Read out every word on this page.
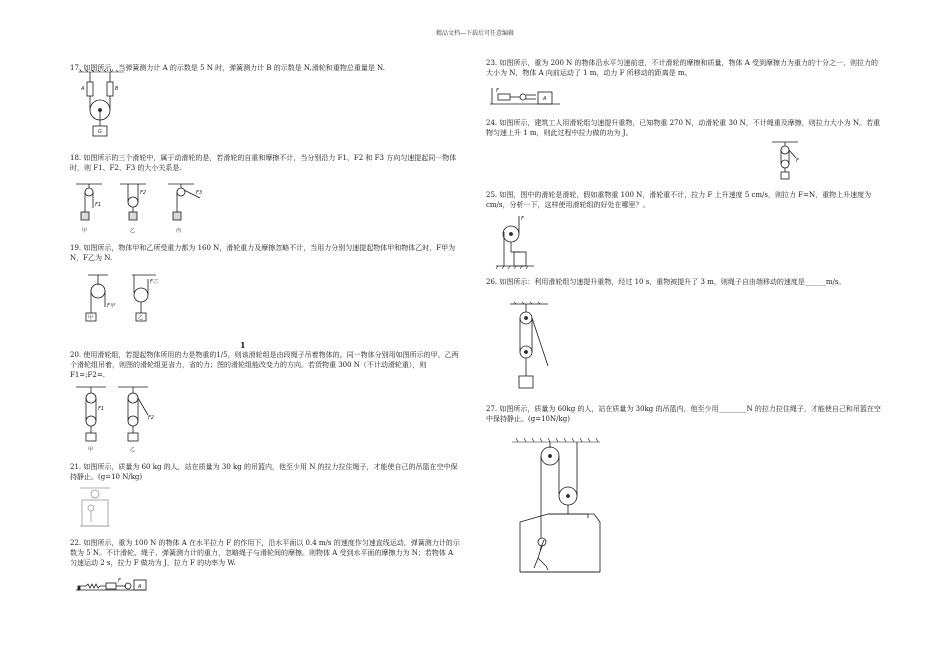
精品文档---下载后可任意编辑
1

17. 如图所示，当弹簧测力计 A 的示数是 5 N 时，弹簧测力计 B 的示数是 N,滑轮和重物总重量是 N.

A	B
G

18. 如图所示的三个滑轮中，属于动滑轮的是，若滑轮的自重和摩擦不计，当分别沿力 F1、F2 和 F3 方向匀速提起同一物体时，则 F1、F2、F3 的大小关系是.

F1
甲
F2
乙
F3
丙

19. 如图所示，物体甲和乙所受重力都为 160 N，滑轮重力及摩擦忽略不计，当用力分别匀速提起物体甲和物体乙时，F甲为 N，F乙为 N.

F甲
甲
F乙
乙

20. 使用滑轮组，若提起物体所用的力是物重的1/5，则该滑轮组是由段绳子吊着物体的。同一物体分别用如图所示的甲、乙两个滑轮组吊着，则图的滑轮组更省力，省的力；图的滑轮组能改变力的方向。若货物重 300 N（不计动滑轮重），则 F1=;F2=.

F1
甲
F2
乙

21. 如图所示，质量为 60 kg 的人，站在质量为 30 kg 的吊篮内，他至少用 N 的拉力拉住绳子，才能使自己的吊篮在空中保持静止。(g=10 N/kg)

22. 如图所示，重为 100 N 的物体 A 在水平拉力 F 的作用下，沿水平面以 0.4 m/s 的速度作匀速直线运动，弹簧测力计的示数为 5 N。不计滑轮、绳子、弹簧测力计的重力，忽略绳子与滑轮间的摩擦。则物体 A 受到水平面的摩擦力为 N；若物体 A 匀速运动 2 s，拉力 F 做功为 J，拉力 F 的功率为 W.

F
A

23. 如图所示，重为 200 N 的物体沿水平匀速前进，不计滑轮的摩擦和质量，物体 A 受到摩擦力为重力的十分之一，则拉力的大小为 N，物体 A 向前运动了 1 m，动力 F 所移动的距离是 m。

F
A

24. 如图所示，建筑工人用滑轮组匀速提升重物，已知物重 270 N，动滑轮重 30 N，不计绳重及摩擦，则拉力大小为 N。若重物匀速上升 1 m，则此过程中拉力做的功为 J。

F

25. 如图，图中的滑轮是滑轮，假如重物重 100 N，滑轮重不计，拉力 F 上升速度 5 cm/s，则拉力 F=N，重物上升速度为 cm/s，分析一下，这样使用滑轮组的好处在哪里？。

F

26. 如图所示：利用滑轮组匀速提升重物，经过 10 s，重物被提升了 3 m，则绳子自由端移动的速度是______m/s。

27. 如图所示，质量为 60kg 的人，站在质量为 30kg 的吊篮内，他至少用________N 的拉力拉住绳子，才能使自己和吊篮在空中保持静止。(g=10N/kg)
